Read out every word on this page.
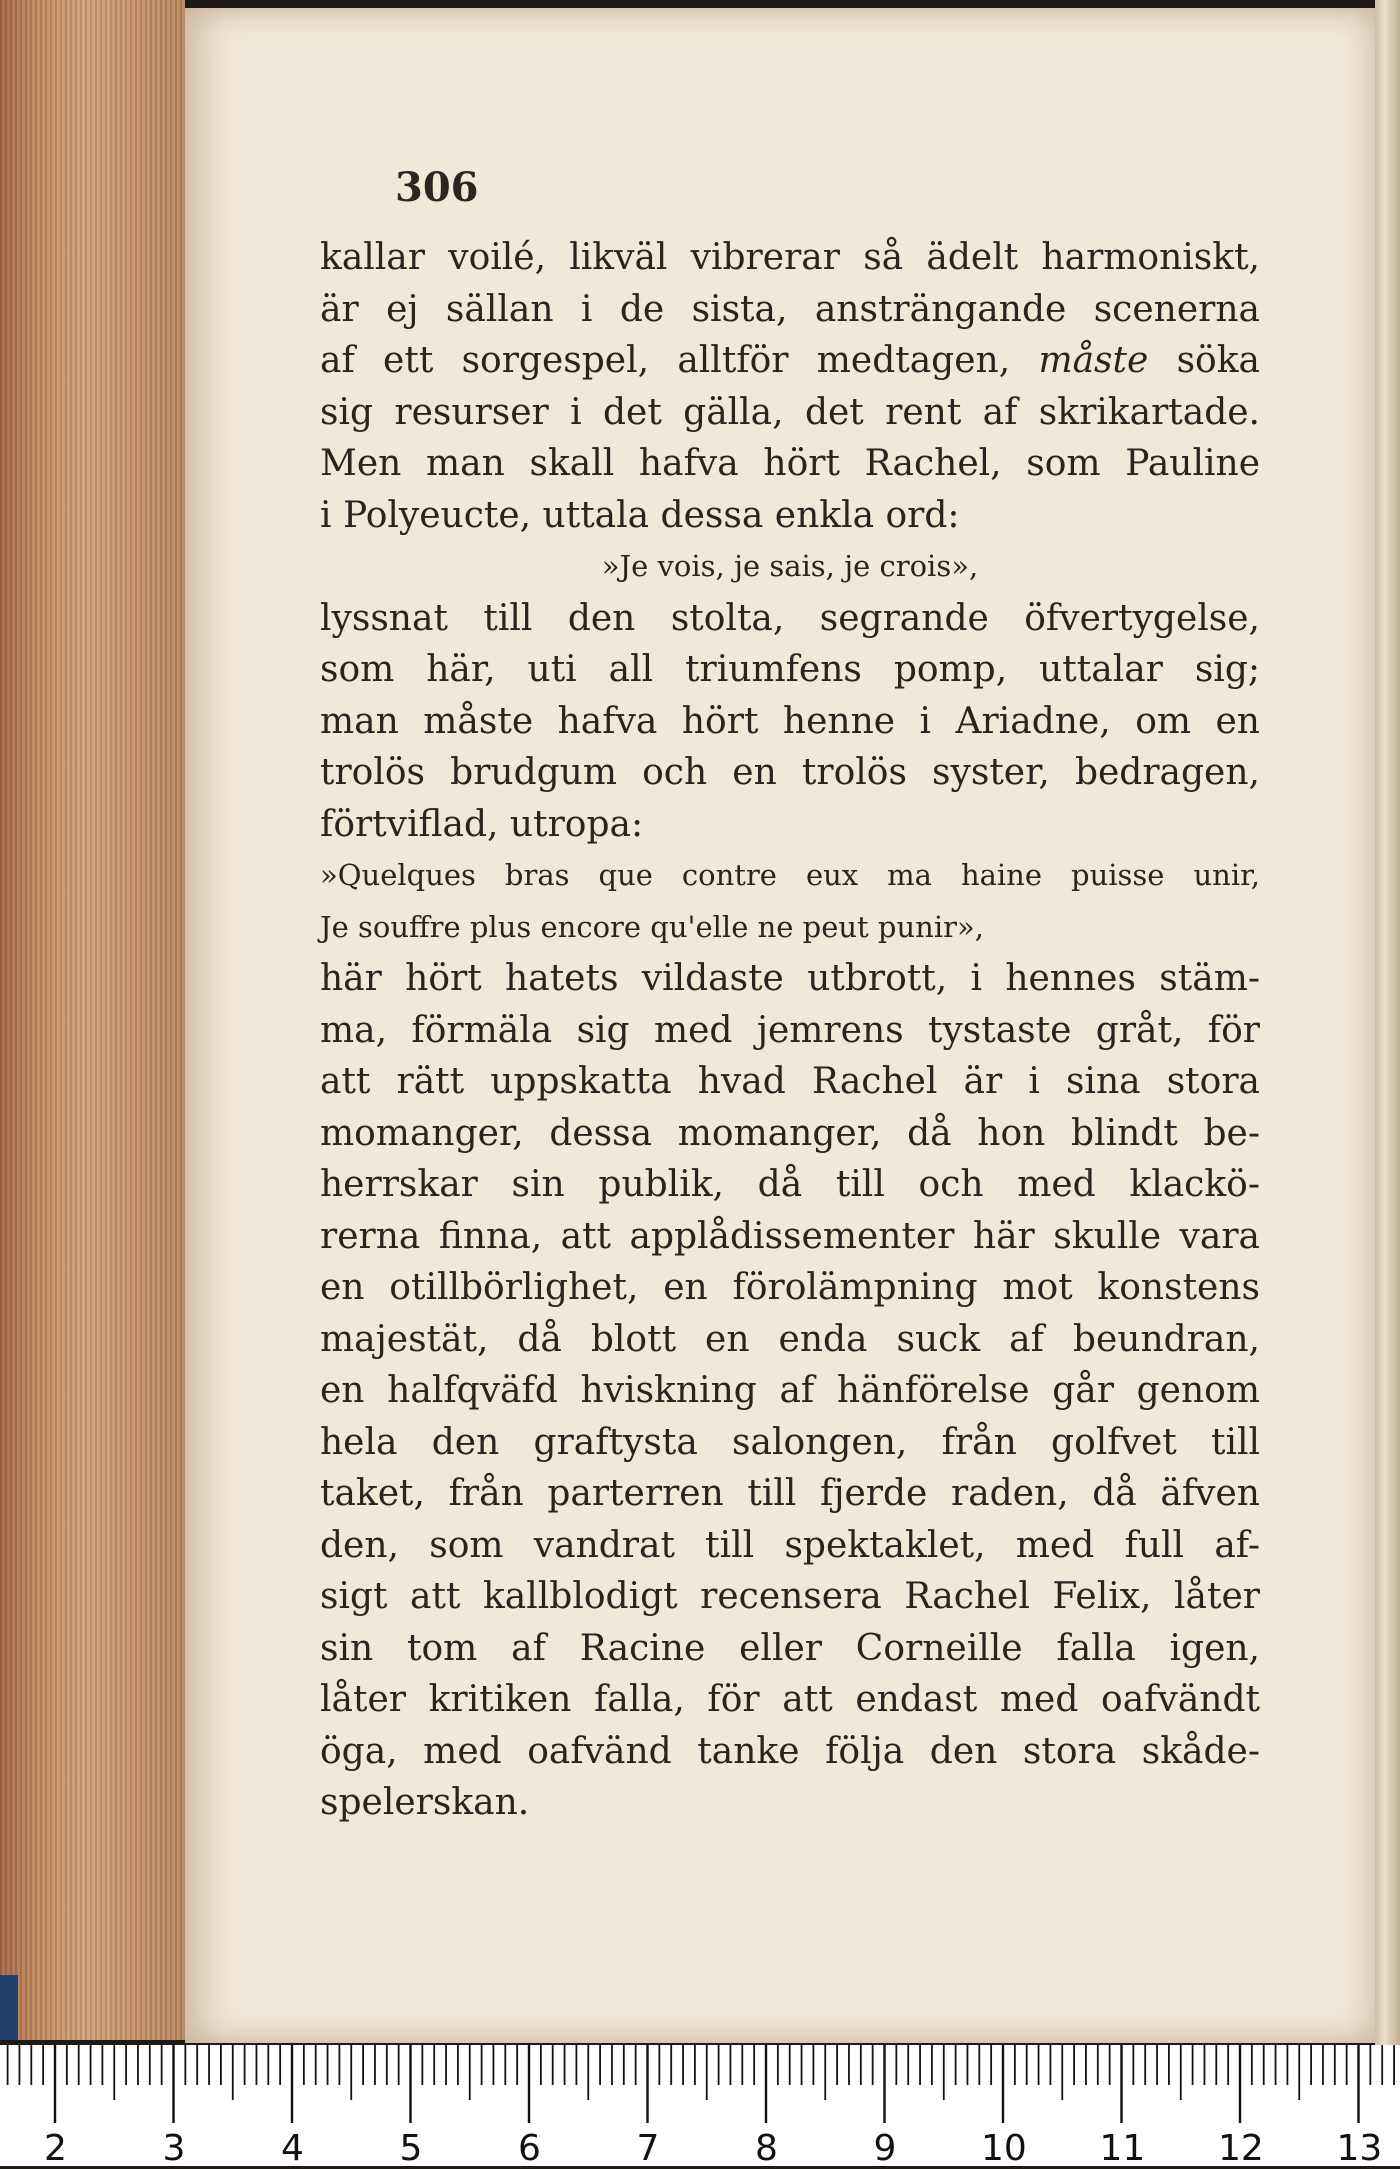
306
kallar voilé, likväl vibrerar så ädelt harmoniskt,
är ej sällan i de sista, ansträngande scenerna
af ett sorgespel, alltför medtagen, måste söka
sig resurser i det gälla, det rent af skrikartade.
Men man skall hafva hört Rachel, som Pauline
i Polyeucte, uttala dessa enkla ord:
»Je vois, je sais, je crois»,
lyssnat till den stolta, segrande öfvertygelse,
som här, uti all triumfens pomp, uttalar sig;
man måste hafva hört henne i Ariadne, om en
trolös brudgum och en trolös syster, bedragen,
förtviflad, utropa:
»Quelques bras que contre eux ma haine puisse unir,
Je souffre plus encore qu'elle ne peut punir»,
här hört hatets vildaste utbrott, i hennes stäm-
ma, förmäla sig med jemrens tystaste gråt, för
att rätt uppskatta hvad Rachel är i sina stora
momanger, dessa momanger, då hon blindt be-
herrskar sin publik, då till och med klackö-
rerna finna, att applådissementer här skulle vara
en otillbörlighet, en förolämpning mot konstens
majestät, då blott en enda suck af beundran,
en halfqväfd hviskning af hänförelse går genom
hela den graftysta salongen, från golfvet till
taket, från parterren till fjerde raden, då äfven
den, som vandrat till spektaklet, med full af-
sigt att kallblodigt recensera Rachel Felix, låter
sin tom af Racine eller Corneille falla igen,
låter kritiken falla, för att endast med oafvändt
öga, med oafvänd tanke följa den stora skåde-
spelerskan.
2	3	4	5	6	7	8	9 10 11 12 13
